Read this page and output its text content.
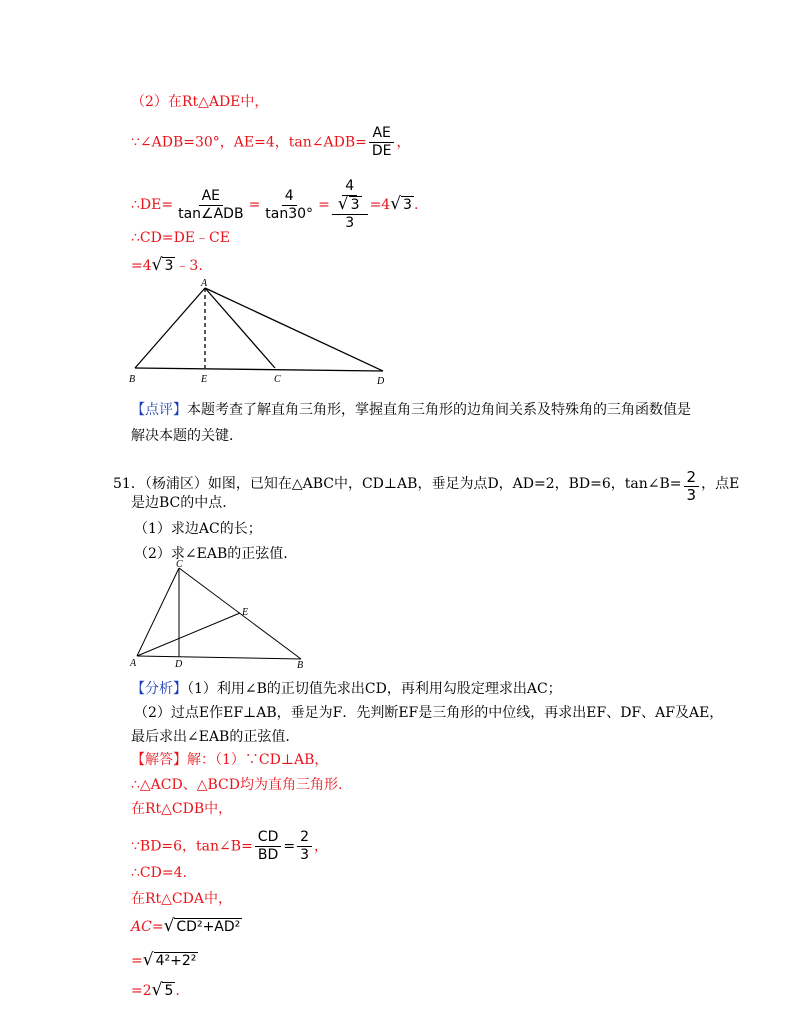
（2）在Rt△ADE中，
∵∠ADB=30°，AE=4，tan∠ADB= $\frac{AE}{DE}$ ，
∴DE=
AE
tan∠ADB
= $\frac{4}{\tan 30^\circ} = \frac{\frac{4}{√ 3}}{3} =4√$ 3 .
∴CD=DE﹣CE
=4√ 3 ﹣3.
A
B	E	C	D
【点评】本题考查了解直角三角形，掌握直角三角形的边角间关系及特殊角的三角函数值是
解决本题的关键.
51．（杨浦区）如图，已知在△ABC中，CD⊥AB，垂足为点D，AD=2，BD=6，tan∠B= $\frac{2}{3}$ ，点E
是边BC的中点.
（1）求边AC的长；
（2）求∠EAB的正弦值.
C
E
A	D	B
【分析】（1）利用∠B的正切值先求出CD，再利用勾股定理求出AC；
（2）过点E作EF⊥AB，垂足为F．先判断EF是三角形的中位线，再求出EF、DF、AF及AE，
最后求出∠EAB的正弦值.
【解答】解：（1）∵CD⊥AB，
∴△ACD、△BCD均为直角三角形.
在Rt△CDB中，
∵BD=6，tan∠B= $\frac{CD}{BD} = \frac{2}{3}$ ，
∴CD=4.
在Rt△CDA中，
AC=√ CD²+AD²
=√ 4²+2²
=2√ 5 .
